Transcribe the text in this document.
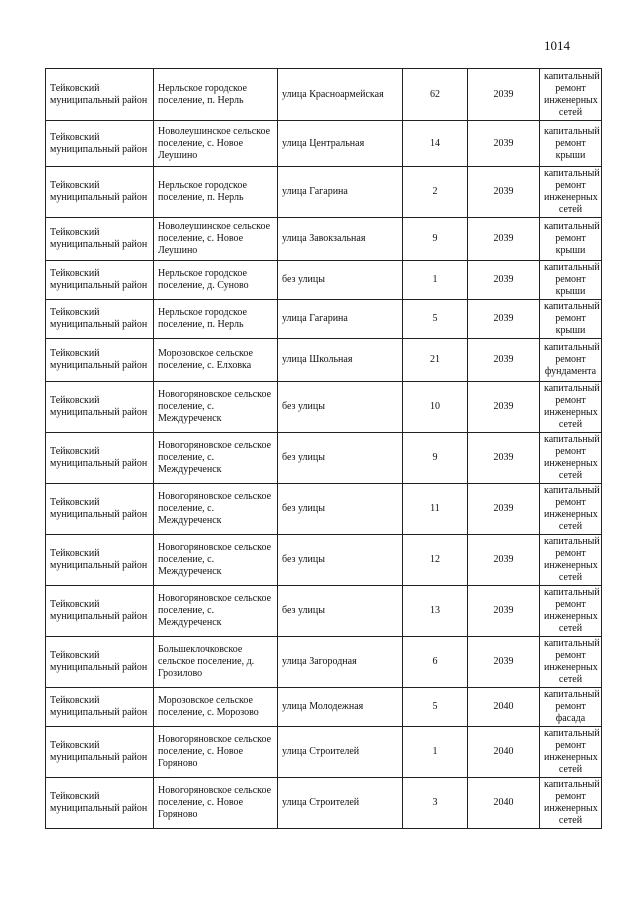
1014
Тейковский муниципальный район	Нерльское городское поселение, п. Нерль	улица Красноармейская	62	2039	капитальный ремонт инженерных сетей
Тейковский муниципальный район	Новолеушинское сельское поселение, с. Новое Леушино	улица Центральная	14	2039	капитальный ремонт крыши
Тейковский муниципальный район	Нерльское городское поселение, п. Нерль	улица Гагарина	2	2039	капитальный ремонт инженерных сетей
Тейковский муниципальный район	Новолеушинское сельское поселение, с. Новое Леушино	улица Завокзальная	9	2039	капитальный ремонт крыши
Тейковский муниципальный район	Нерльское городское поселение, д. Суново	без улицы	1	2039	капитальный ремонт крыши
Тейковский муниципальный район	Нерльское городское поселение, п. Нерль	улица Гагарина	5	2039	капитальный ремонт крыши
Тейковский муниципальный район	Морозовское сельское поселение, с. Елховка	улица Школьная	21	2039	капитальный ремонт фундамента
Тейковский муниципальный район	Новогоряновское сельское поселение, с. Междуреченск	без улицы	10	2039	капитальный ремонт инженерных сетей
Тейковский муниципальный район	Новогоряновское сельское поселение, с. Междуреченск	без улицы	9	2039	капитальный ремонт инженерных сетей
Тейковский муниципальный район	Новогоряновское сельское поселение, с. Междуреченск	без улицы	11	2039	капитальный ремонт инженерных сетей
Тейковский муниципальный район	Новогоряновское сельское поселение, с. Междуреченск	без улицы	12	2039	капитальный ремонт инженерных сетей
Тейковский муниципальный район	Новогоряновское сельское поселение, с. Междуреченск	без улицы	13	2039	капитальный ремонт инженерных сетей
Тейковский муниципальный район	Большеклочковское сельское поселение, д. Грозилово	улица Загородная	6	2039	капитальный ремонт инженерных сетей
Тейковский муниципальный район	Морозовское сельское поселение, с. Морозово	улица Молодежная	5	2040	капитальный ремонт фасада
Тейковский муниципальный район	Новогоряновское сельское поселение, с. Новое Горяново	улица Строителей	1	2040	капитальный ремонт инженерных сетей
Тейковский муниципальный район	Новогоряновское сельское поселение, с. Новое Горяново	улица Строителей	3	2040	капитальный ремонт инженерных сетей
